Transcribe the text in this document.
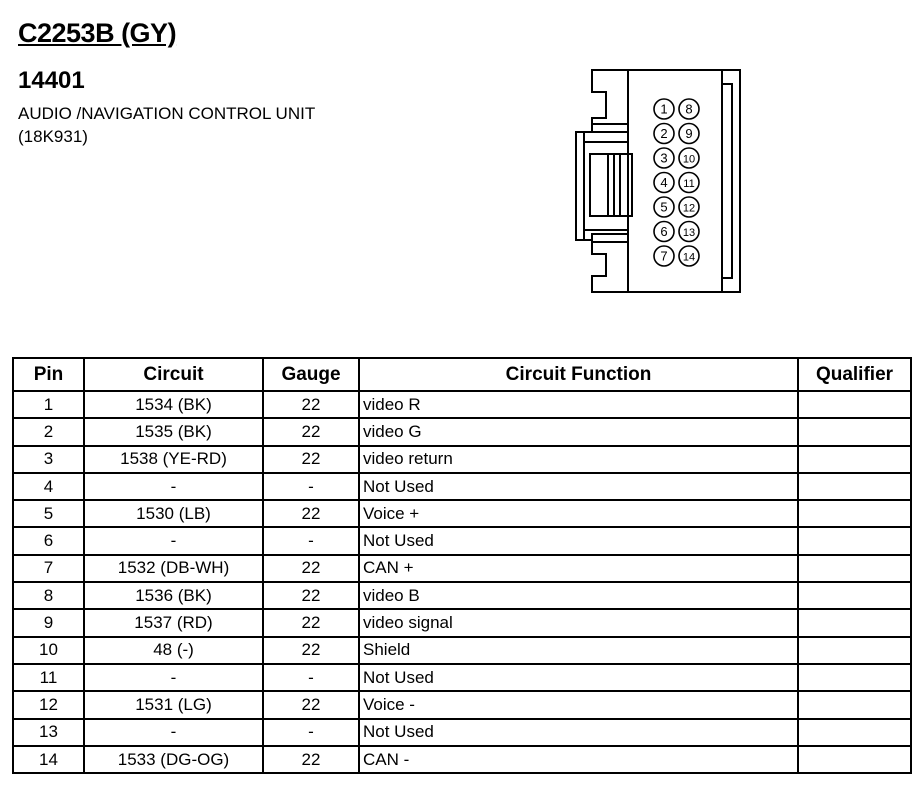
C2253B (GY)
14401
AUDIO /NAVIGATION CONTROL UNIT
(18K931)
1
2
3
4
5
6
7
8
9
10
11
12
13
14
Pin	Circuit	Gauge	Circuit Function	Qualifier
1	1534 (BK)	22	video R	
2	1535 (BK)	22	video G	
3	1538 (YE-RD)	22	video return	
4	-	-	Not Used	
5	1530 (LB)	22	Voice +	
6	-	-	Not Used	
7	1532 (DB-WH)	22	CAN +	
8	1536 (BK)	22	video B	
9	1537 (RD)	22	video signal	
10	48 (-)	22	Shield	
11	-	-	Not Used	
12	1531 (LG)	22	Voice -	
13	-	-	Not Used	
14	1533 (DG-OG)	22	CAN -	
